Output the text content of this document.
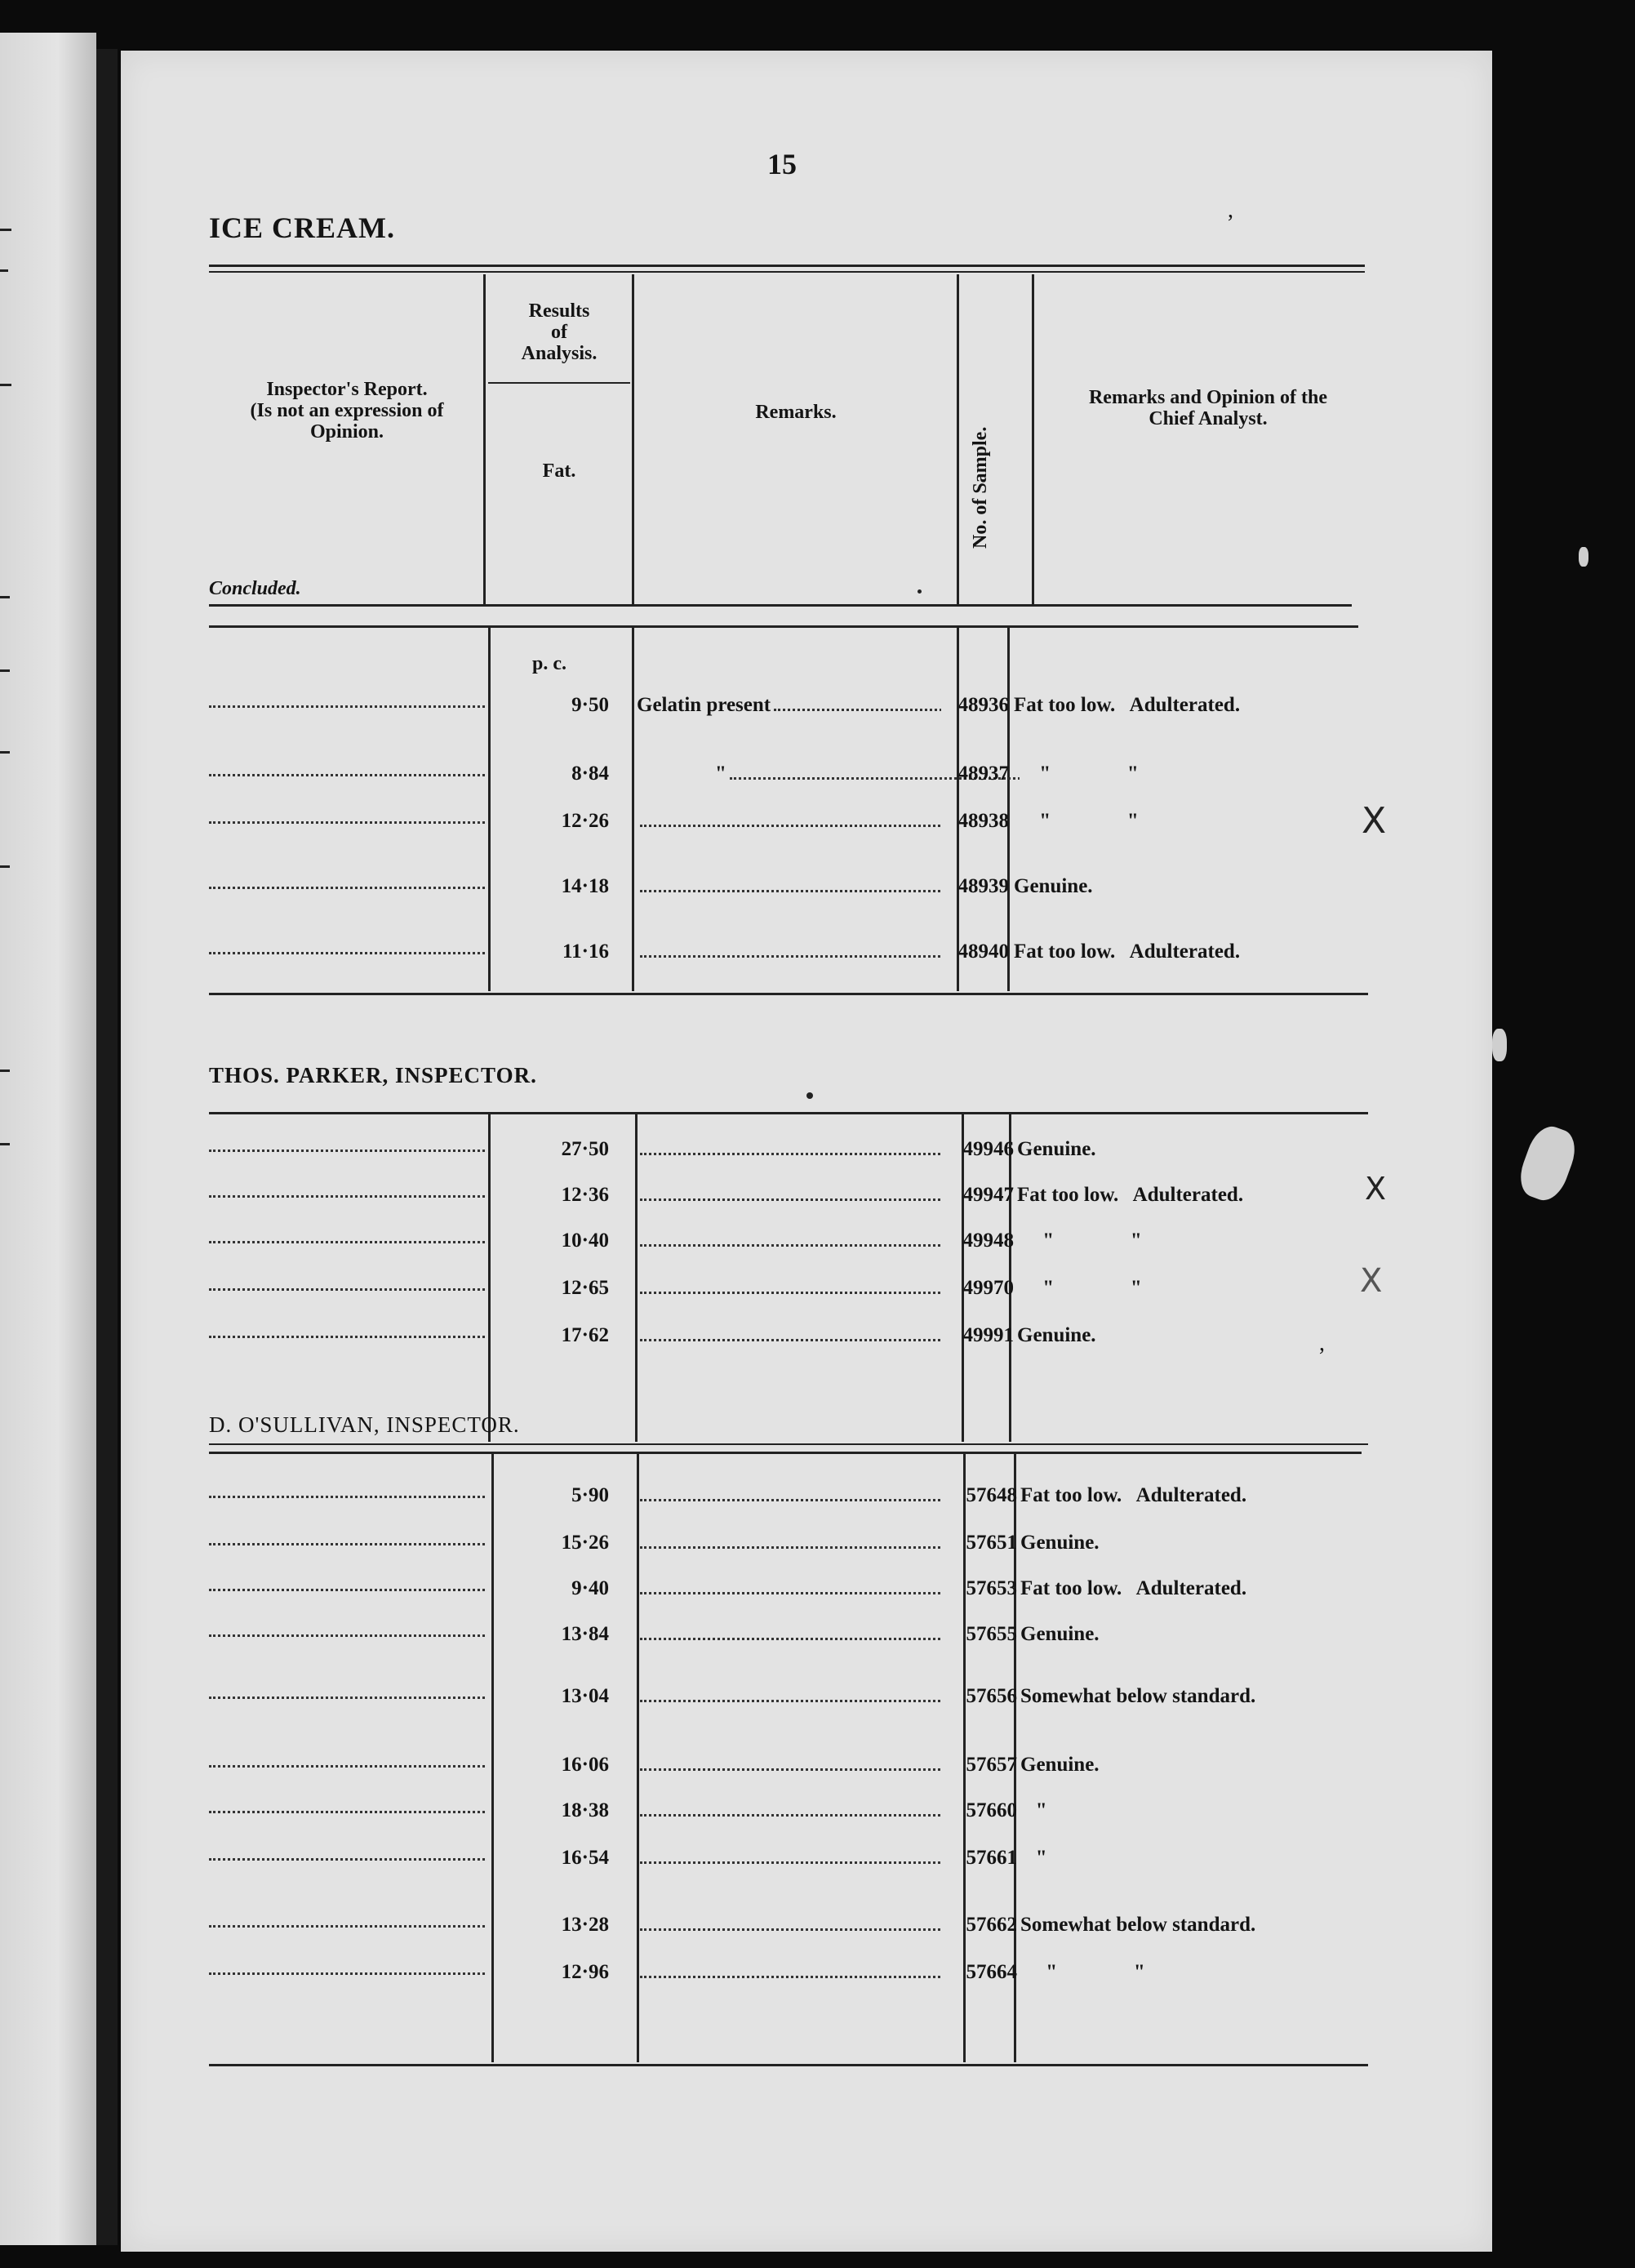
15
ICE CREAM.
,
Inspector's Report.
(Is not an expression of
Opinion.
Results
of
Analysis.
Fat.
Remarks.
No. of Sample.
Remarks and Opinion of the
Chief Analyst.
Concluded.
p. c.
THOS. PARKER, INSPECTOR.
D. O'SULLIVAN, INSPECTOR.
9·50 Gelatin present	48936 Fat too low.   Adulterated.
8·84	"	48937 "               "
12·26	48938 "               "
14·18	48939 Genuine.
11·16	48940 Fat too low.   Adulterated.
27·50	49946 Genuine.
12·36	49947 Fat too low.   Adulterated.
10·40	49948 "               "
12·65	49970 "               "
17·62	49991 Genuine.
5·90	57648 Fat too low.   Adulterated.
15·26	57651 Genuine.
9·40	57653 Fat too low.   Adulterated.
13·84	57655 Genuine.
13·04	57656 Somewhat below standard.
16·06	57657 Genuine.
18·38	57660 "
16·54	57661 "
13·28	57662 Somewhat below standard.
12·96	57664 "               "
X
X
X
,
